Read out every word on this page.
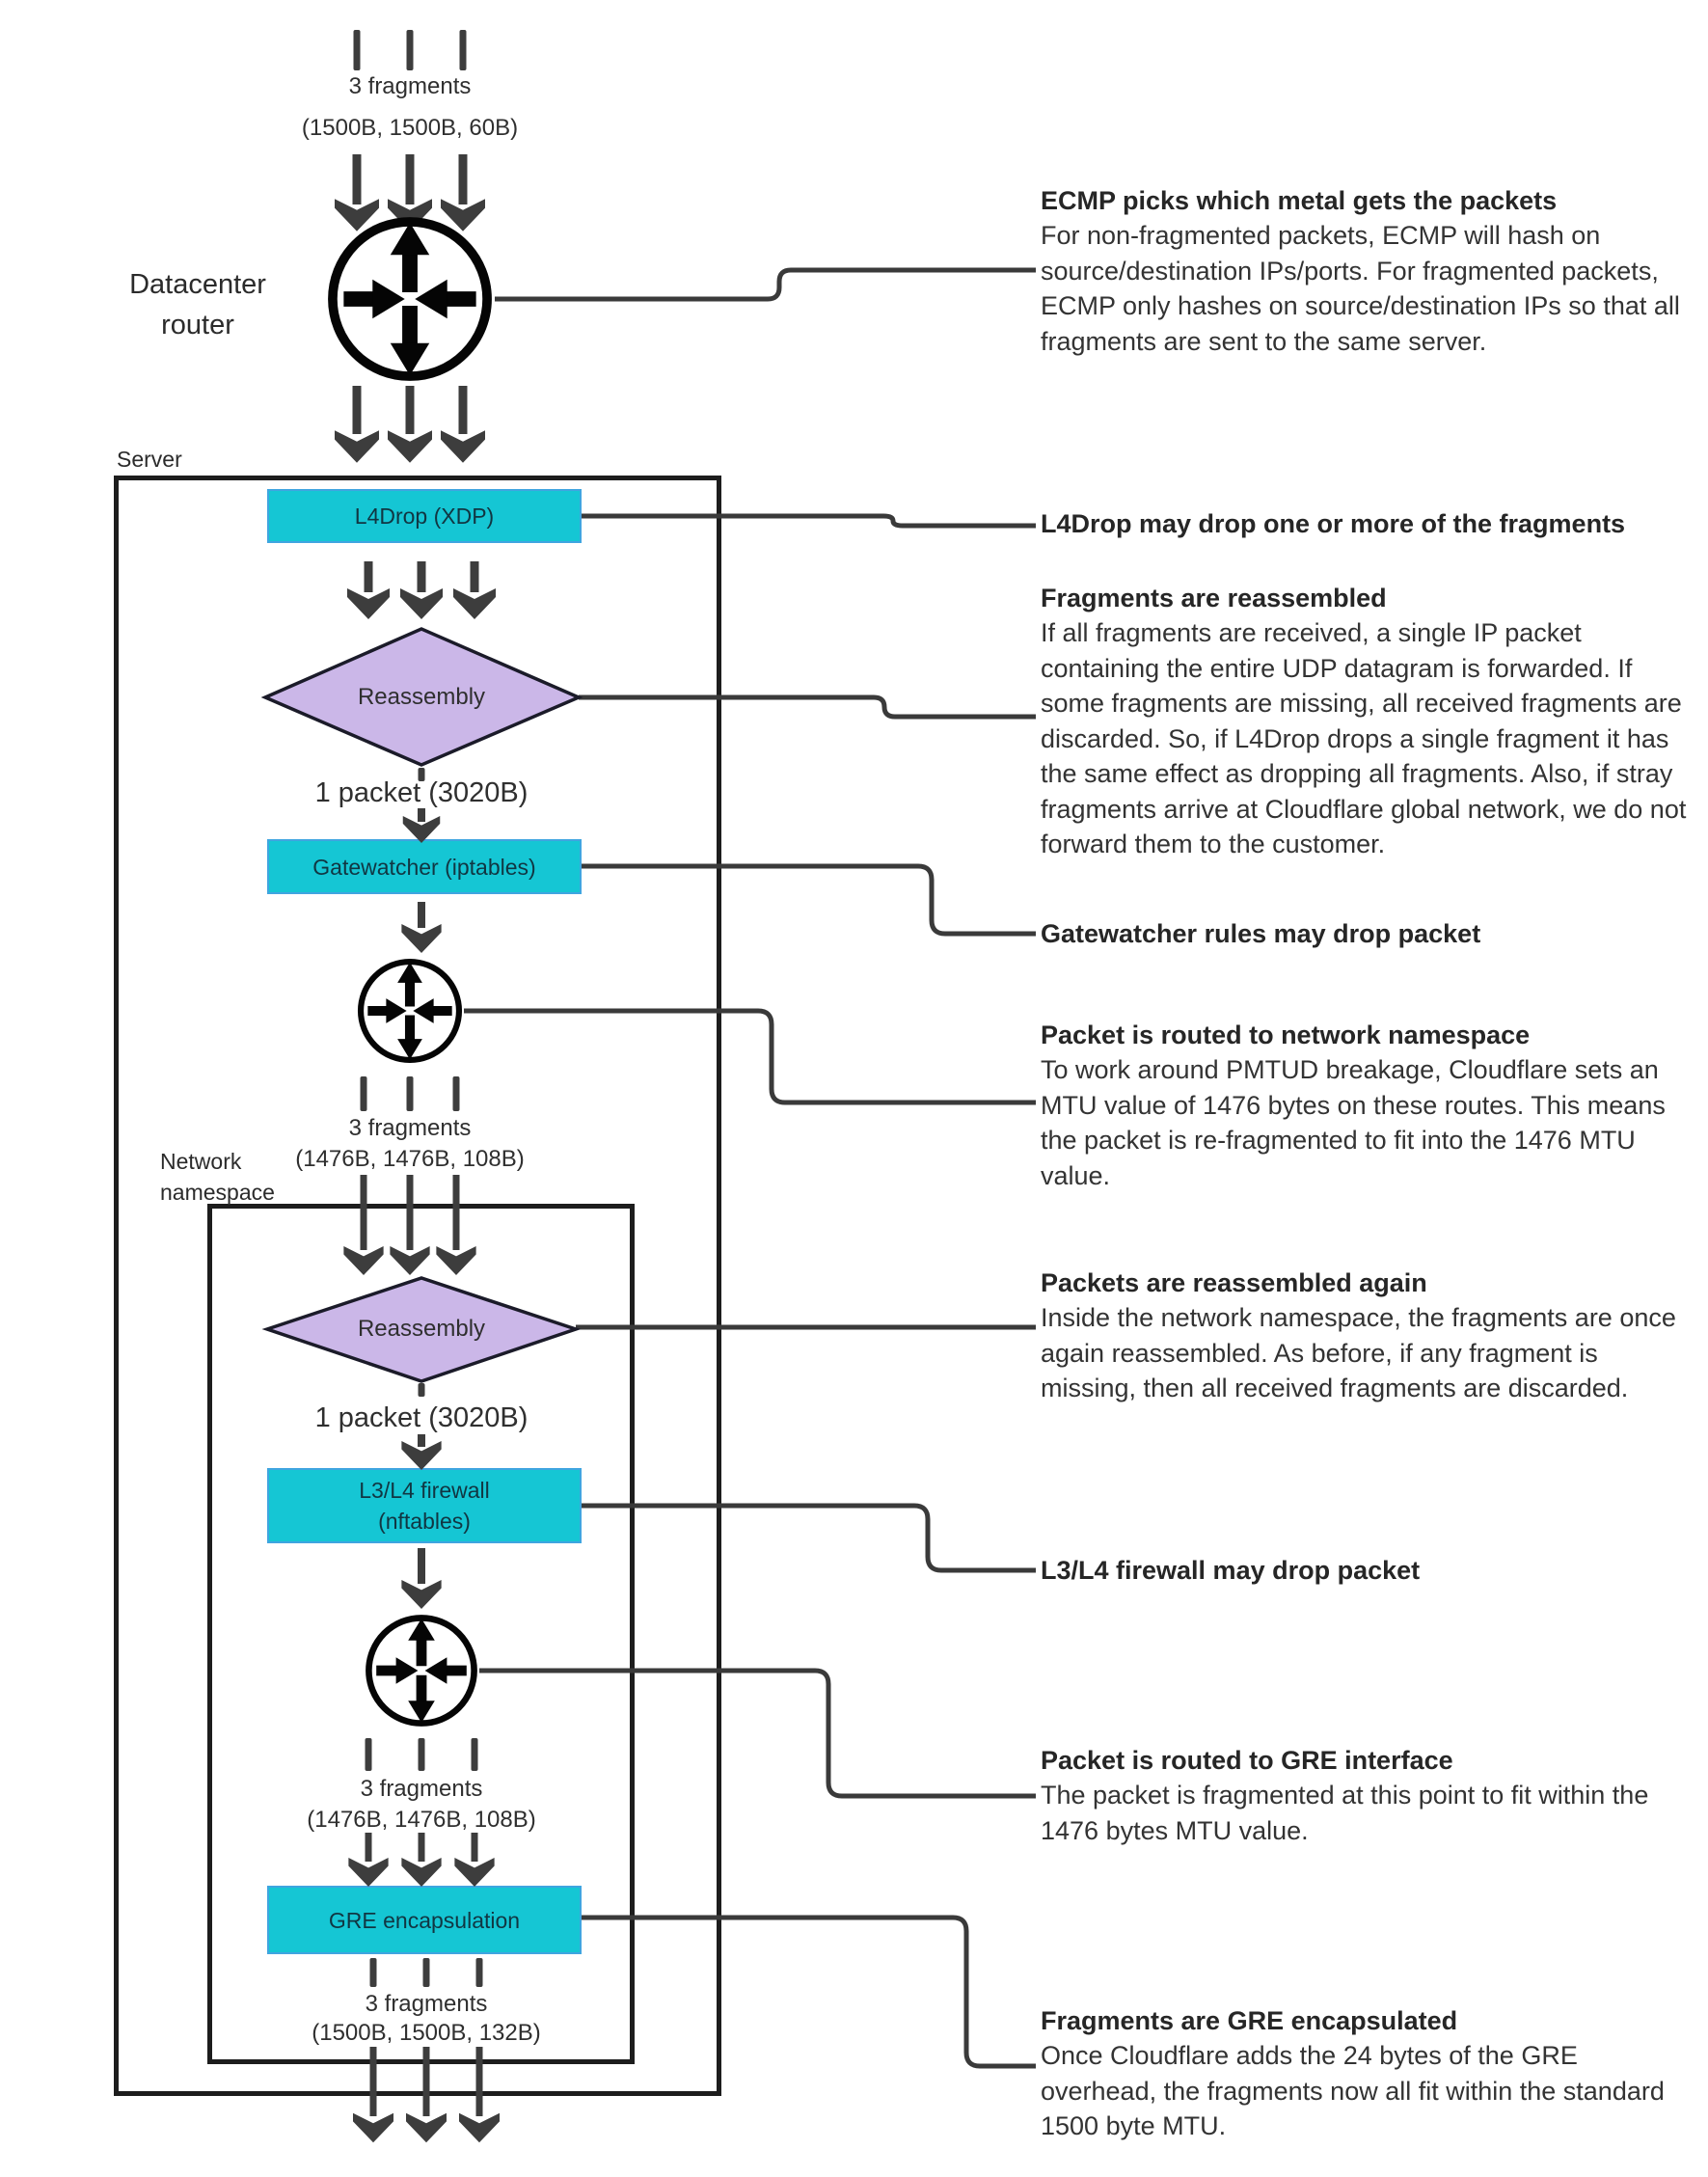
L4Drop (XDP)
Gatewatcher (iptables)
L3/L4 firewall
(nftables)
GRE encapsulation
3 fragments
(1500B, 1500B, 60B)
Datacenter
router
Server
Reassembly
1 packet (3020B)
3 fragments
(1476B, 1476B, 108B)
Network
namespace
Reassembly
1 packet (3020B)
3 fragments
(1476B, 1476B, 108B)
3 fragments
(1500B, 1500B, 132B)
ECMP picks which metal gets the packets

For non-fragmented packets, ECMP will hash on source/destination IPs/ports. For fragmented packets, ECMP only hashes on source/destination IPs so that all fragments are sent to the same server.

L4Drop may drop one or more of the fragments
Fragments are reassembled

If all fragments are received, a single IP packet containing the entire UDP datagram is forwarded. If some fragments are missing, all received fragments are discarded. So, if L4Drop drops a single fragment it has the same effect as dropping all fragments. Also, if stray fragments arrive at Cloudflare global network, we do not forward them to the customer.

Gatewatcher rules may drop packet
Packet is routed to network namespace

To work around PMTUD breakage, Cloudflare sets an MTU value of 1476 bytes on these routes. This means the packet is re-fragmented to fit into the 1476 MTU value.

Packets are reassembled again

Inside the network namespace, the fragments are once again reassembled. As before, if any fragment is missing, then all received fragments are discarded.

L3/L4 firewall may drop packet
Packet is routed to GRE interface

The packet is fragmented at this point to fit within the 1476 bytes MTU value.

Fragments are GRE encapsulated

Once Cloudflare adds the 24 bytes of the GRE overhead, the fragments now all fit within the standard 1500 byte MTU.
